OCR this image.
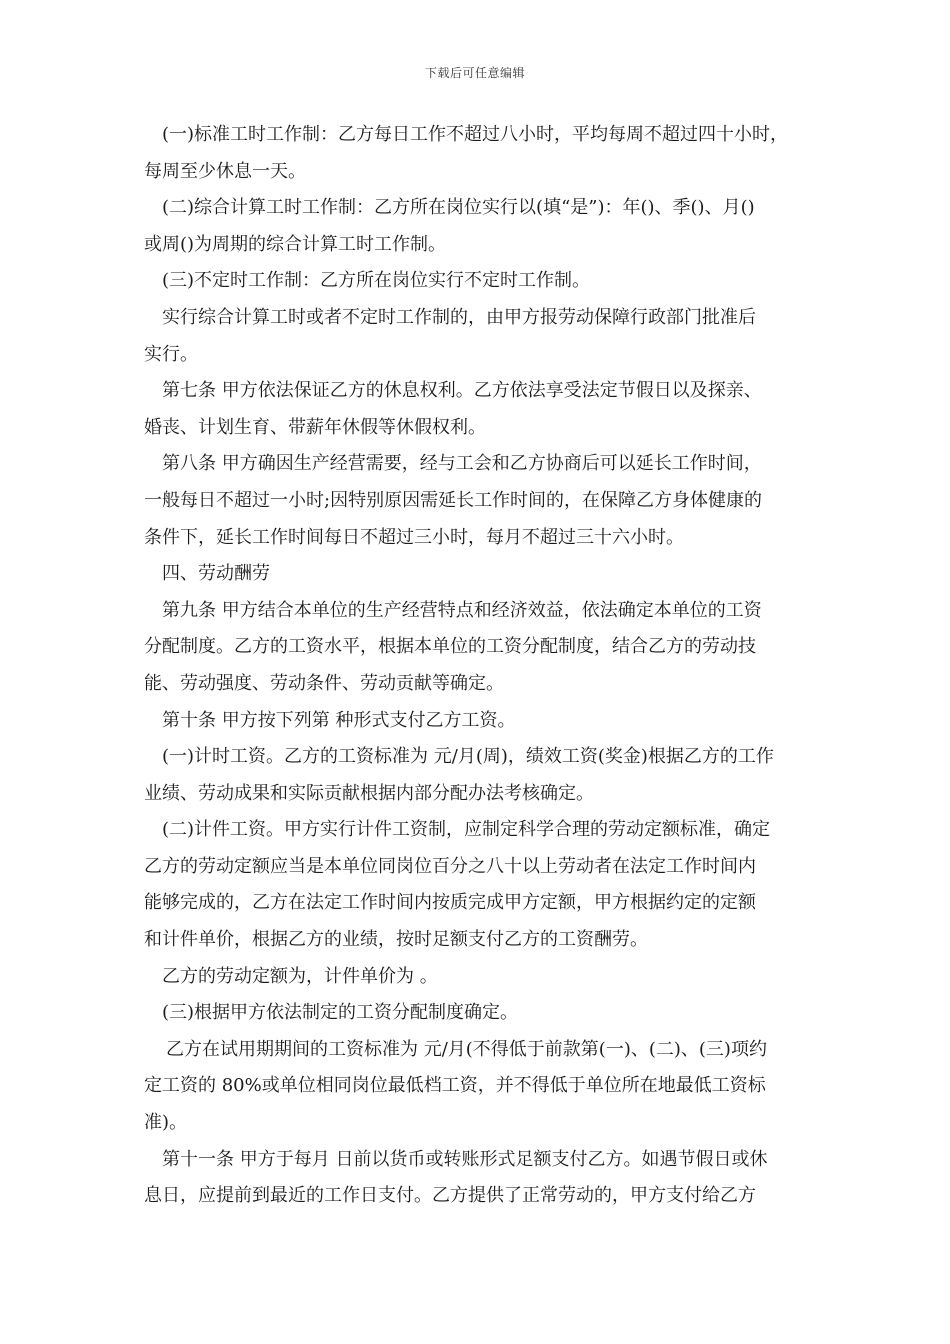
下载后可任意编辑

(一)标准工时工作制：乙方每日工作不超过八小时，平均每周不超过四十小时，

每周至少休息一天。

(二)综合计算工时工作制：乙方所在岗位实行以(填“是”)：年()、季()、月()

或周()为周期的综合计算工时工作制。

(三)不定时工作制：乙方所在岗位实行不定时工作制。

实行综合计算工时或者不定时工作制的，由甲方报劳动保障行政部门批准后

实行。

第七条 甲方依法保证乙方的休息权利。乙方依法享受法定节假日以及探亲、

婚丧、计划生育、带薪年休假等休假权利。

第八条 甲方确因生产经营需要，经与工会和乙方协商后可以延长工作时间，

一般每日不超过一小时;因特别原因需延长工作时间的，在保障乙方身体健康的

条件下，延长工作时间每日不超过三小时，每月不超过三十六小时。

四、劳动酬劳

第九条 甲方结合本单位的生产经营特点和经济效益，依法确定本单位的工资

分配制度。乙方的工资水平，根据本单位的工资分配制度，结合乙方的劳动技

能、劳动强度、劳动条件、劳动贡献等确定。

第十条 甲方按下列第 种形式支付乙方工资。

(一)计时工资。乙方的工资标准为 元/月(周)，绩效工资(奖金)根据乙方的工作

业绩、劳动成果和实际贡献根据内部分配办法考核确定。

(二)计件工资。甲方实行计件工资制，应制定科学合理的劳动定额标准，确定

乙方的劳动定额应当是本单位同岗位百分之八十以上劳动者在法定工作时间内

能够完成的，乙方在法定工作时间内按质完成甲方定额，甲方根据约定的定额

和计件单价，根据乙方的业绩，按时足额支付乙方的工资酬劳。

乙方的劳动定额为，计件单价为 。

(三)根据甲方依法制定的工资分配制度确定。

乙方在试用期期间的工资标准为 元/月(不得低于前款第(一)、(二)、(三)项约

定工资的 80%或单位相同岗位最低档工资，并不得低于单位所在地最低工资标

准)。

第十一条 甲方于每月 日前以货币或转账形式足额支付乙方。如遇节假日或休

息日，应提前到最近的工作日支付。乙方提供了正常劳动的，甲方支付给乙方
